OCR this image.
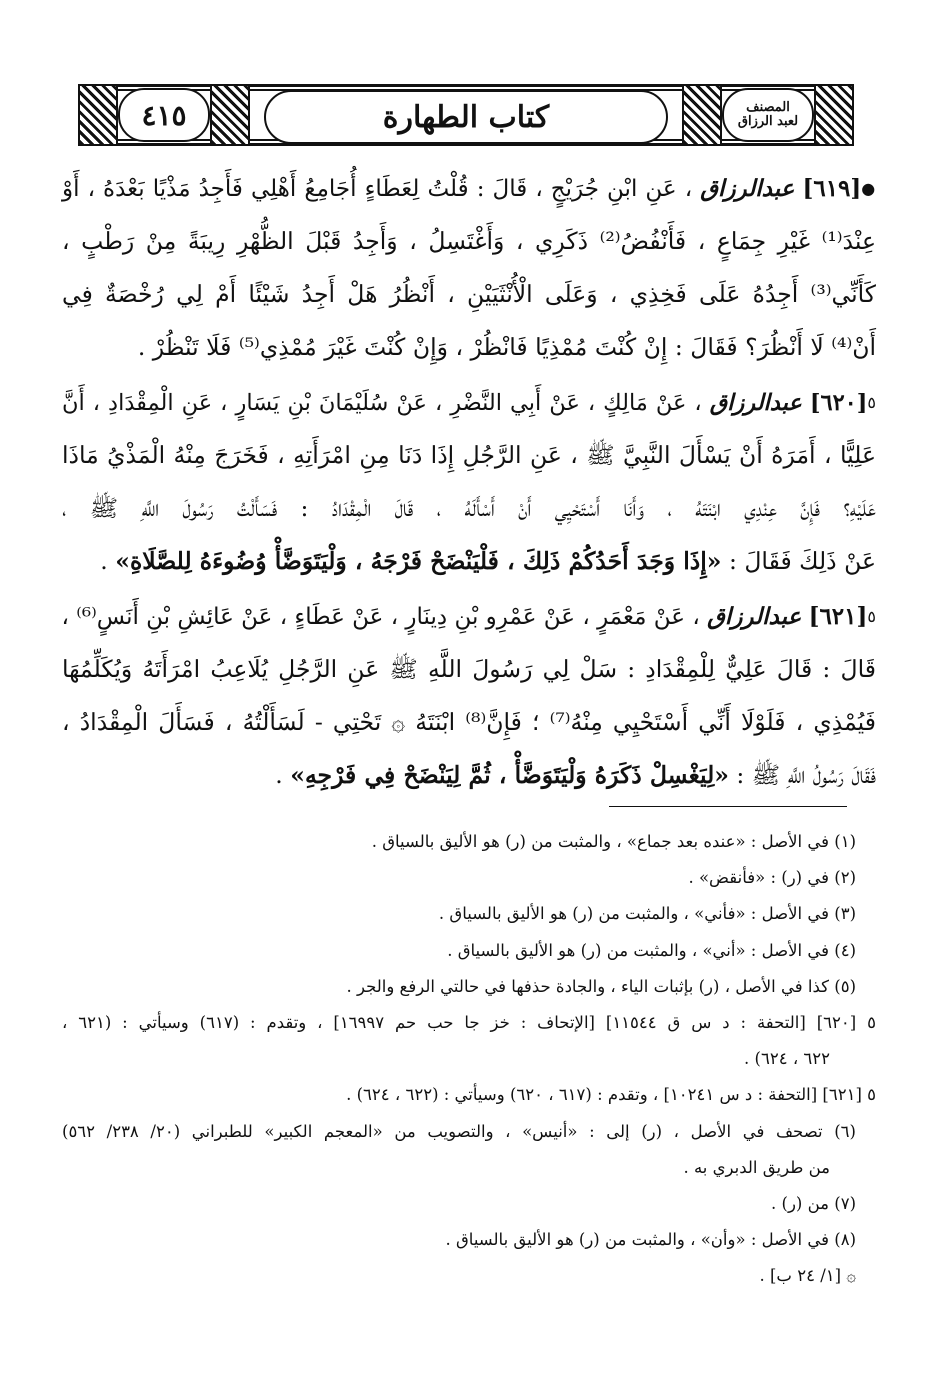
٤١٥	كتاب الطهارة	المصنف
لعبد الرزاق
●[٦١٩] عبدالرزاق ، عَنِ ابْنِ جُرَيْجٍ ، قَالَ : قُلْتُ لِعَطَاءٍ أُجَامِعُ أَهْلِي فَأَجِدُ مَذْيًا بَعْدَهُ ، أَوْ
عِنْدَ⁽¹⁾ غَيْرِ جِمَاعٍ ، فَأَنْفُضُ⁽²⁾ ذَكَرِي ، وَأَغْتَسِلُ ، وَأَجِدُ قَبْلَ الظُّهْرِ رِيبَةً مِنْ رَطْبٍ ،
كَأَنِّي⁽³⁾ أَجِدُهُ عَلَى فَخِذِي ، وَعَلَى الْأُنْثَيَيْنِ ، أَنْظُرُ هَلْ أَجِدُ شَيْئًا أَمْ لِي رُخْصَةٌ فِي
أَنْ⁽⁴⁾ لَا أَنْظُرَ؟ فَقَالَ : إِنْ كُنْتَ مُمْذِيًا فَانْظُرْ ، وَإِنْ كُنْتَ غَيْرَ مُمْذِي⁽⁵⁾ فَلَا تَنْظُرْ .
٥[٦٢٠] عبدالرزاق ، عَنْ مَالِكٍ ، عَنْ أَبِي النَّضْرِ ، عَنْ سُلَيْمَانَ بْنِ يَسَارٍ ، عَنِ الْمِقْدَادِ ، أَنَّ
عَلِيًّا ، أَمَرَهُ أَنْ يَسْأَلَ النَّبِيَّ ﷺ ، عَنِ الرَّجُلِ إِذَا دَنَا مِنِ امْرَأَتِهِ ، فَخَرَجَ مِنْهُ الْمَذْيُ مَاذَا
عَلَيْهِ؟ فَإِنَّ عِنْدِي ابْنَتَهُ ، وَأَنَا أَسْتَحْيِي أَنْ أَسْأَلَهُ ، قَالَ الْمِقْدَادُ : فَسَأَلْتُ رَسُولَ اللَّهِ ﷺ ،
عَنْ ذَلِكَ فَقَالَ : «إِذَا وَجَدَ أَحَدُكُمْ ذَلِكَ ، فَلْيَنْضَحْ فَرْجَهُ ، وَلْيَتَوَضَّأْ وُضُوءَهُ لِلصَّلَاةِ» .
٥[٦٢١] عبدالرزاق ، عَنْ مَعْمَرٍ ، عَنْ عَمْرِو بْنِ دِينَارٍ ، عَنْ عَطَاءٍ ، عَنْ عَائِشِ بْنِ أَنَسٍ⁽⁶⁾ ،
قَالَ : قَالَ عَلِيٌّ لِلْمِقْدَادِ : سَلْ لِي رَسُولَ اللَّهِ ﷺ عَنِ الرَّجُلِ يُلَاعِبُ امْرَأَتَهُ وَيُكَلِّمُهَا
فَيُمْذِي ، فَلَوْلَا أَنِّي أَسْتَحْيِي مِنْهُ⁽⁷⁾ ؛ فَإِنَّ⁽⁸⁾ ابْنَتَهُ ۞ تَحْتِي - لَسَأَلْتُهُ ، فَسَأَلَ الْمِقْدَادُ ،
فَقَالَ رَسُولُ اللَّهِ ﷺ : «لِيَغْسِلْ ذَكَرَهُ وَلْيَتَوَضَّأْ ، ثُمَّ لِيَنْضَحْ فِي فَرْجِهِ» .
(١) في الأصل : «عنده بعد جماع» ، والمثبت من (ر) هو الأليق بالسياق .
(٢) في (ر) : «فأنقض» .
(٣) في الأصل : «فأني» ، والمثبت من (ر) هو الأليق بالسياق .
(٤) في الأصل : «أني» ، والمثبت من (ر) هو الأليق بالسياق .
(٥) كذا في الأصل ، (ر) بإثبات الياء ، والجادة حذفها في حالتي الرفع والجر .
٥ [٦٢٠] [التحفة : د س ق ١١٥٤٤] [الإتحاف : خز جا حب حم ١٦٩٩٧] ، وتقدم : (٦١٧) وسيأتي : (٦٢١ ،
٦٢٢ ، ٦٢٤) .
٥ [٦٢١] [التحفة : د س ١٠٢٤١] ، وتقدم : (٦١٧ ، ٦٢٠) وسيأتي : (٦٢٢ ، ٦٢٤) .
(٦) تصحف في الأصل ، (ر) إلى : «أنيس» ، والتصويب من «المعجم الكبير» للطبراني (٢٠/ ٢٣٨/ ٥٦٢)
من طريق الدبري به .
(٧) من (ر) .
(٨) في الأصل : «وأن» ، والمثبت من (ر) هو الأليق بالسياق .
۞ [١/ ٢٤ ب] .
